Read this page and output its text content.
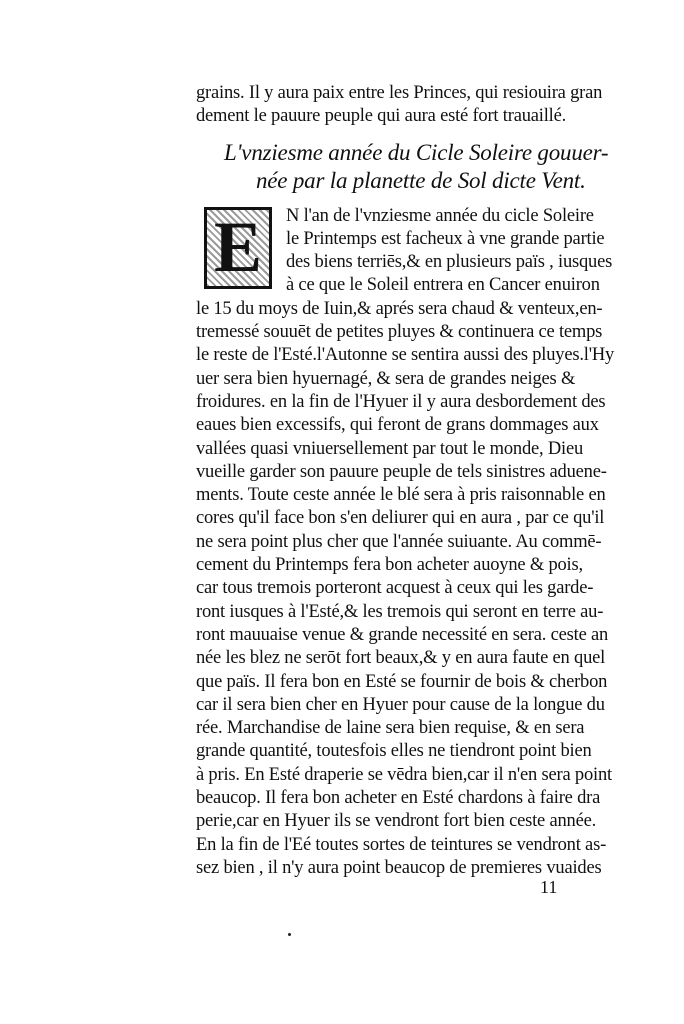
grains. Il y aura paix entre les Princes, qui resiouira gran
dement le pauure peuple qui aura esté fort trauaillé.
L'vnziesme année du Cicle Soleire gouuer-
née par la planette de Sol dicte Vent.
E	N l'an de l'vnziesme année du cicle Soleire
le Printemps est facheux à vne grande partie
des biens terriēs,& en plusieurs païs , iusques
à ce que le Soleil entrera en Cancer enuiron
le 15 du moys de Iuin,& aprés sera chaud & venteux,en-
tremessé souuēt de petites pluyes & continuera ce temps
le reste de l'Esté.l'Autonne se sentira aussi des pluyes.l'Hy
uer sera bien hyuernagé, & sera de grandes neiges &
froidures. en la fin de l'Hyuer il y aura desbordement des
eaues bien excessifs, qui feront de grans dommages aux
vallées quasi vniuersellement par tout le monde, Dieu
vueille garder son pauure peuple de tels sinistres aduene-
ments. Toute ceste année le blé sera à pris raisonnable en
cores qu'il face bon s'en deliurer qui en aura , par ce qu'il
ne sera point plus cher que l'année suiuante. Au commē-
cement du Printemps fera bon acheter auoyne & pois,
car tous tremois porteront acquest à ceux qui les garde-
ront iusques à l'Esté,& les tremois qui seront en terre au-
ront mauuaise venue & grande necessité en sera. ceste an
née les blez ne serōt fort beaux,& y en aura faute en quel
que païs. Il fera bon en Esté se fournir de bois & cherbon
car il sera bien cher en Hyuer pour cause de la longue du
rée. Marchandise de laine sera bien requise, & en sera
grande quantité, toutesfois elles ne tiendront point bien
à pris. En Esté draperie se vēdra bien,car il n'en sera point
beaucop. Il fera bon acheter en Esté chardons à faire dra
perie,car en Hyuer ils se vendront fort bien ceste année.
En la fin de l'Eé toutes sortes de teintures se vendront as-
sez bien , il n'y aura point beaucop de premieres vuaides
11
